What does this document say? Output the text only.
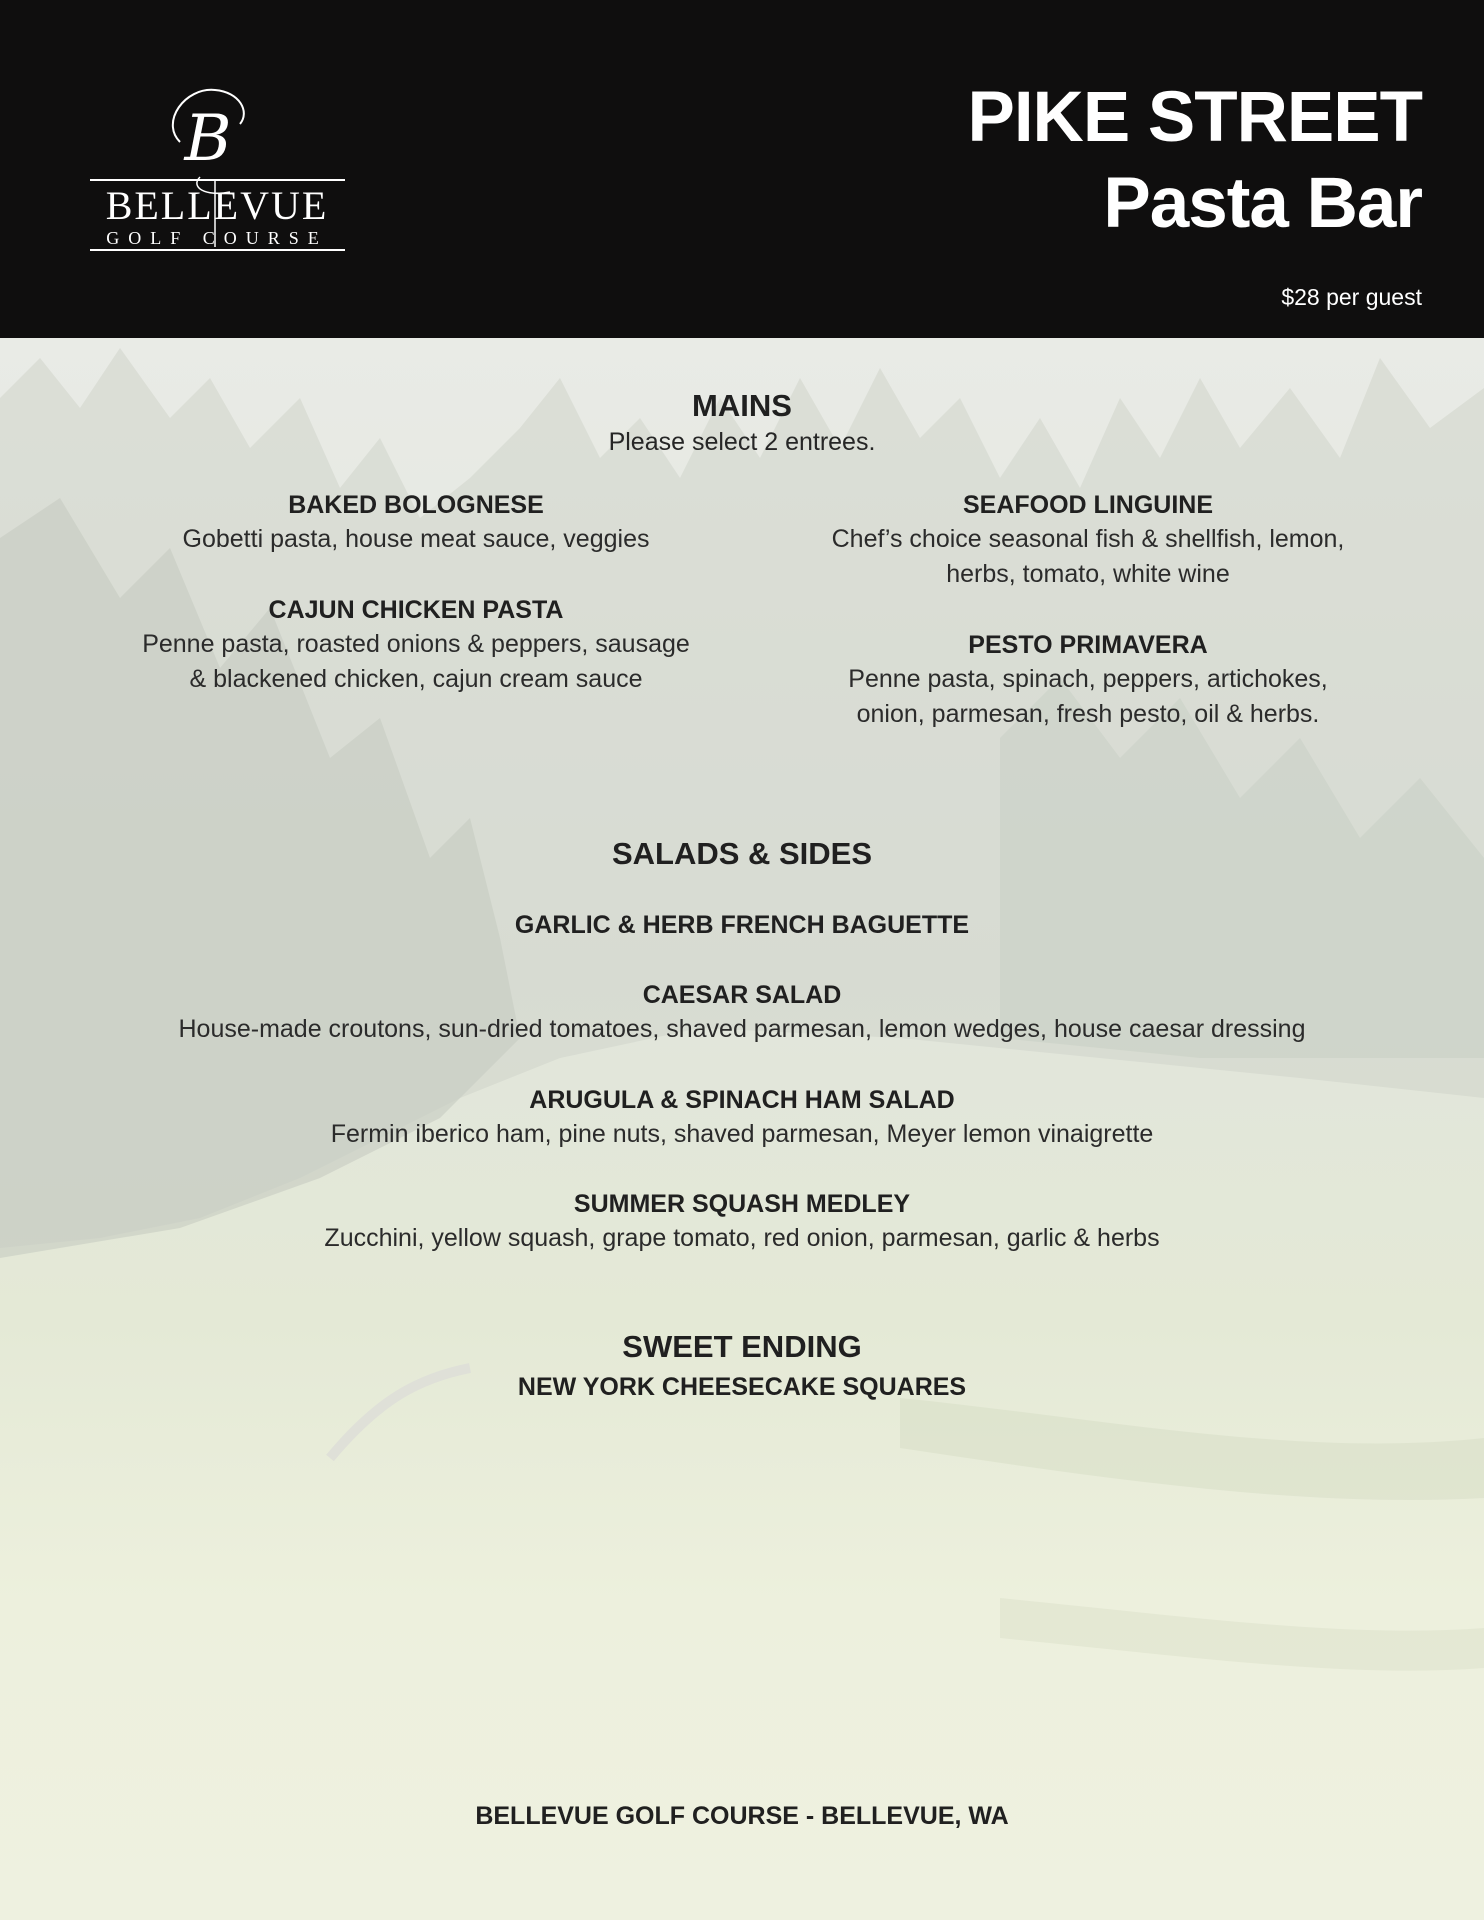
B
BELLEVUE
GOLF COURSE
PIKE STREET
Pasta Bar
$28 per guest
MAINS
Please select 2 entrees.
BAKED BOLOGNESE
Gobetti pasta, house meat sauce, veggies
CAJUN CHICKEN PASTA
Penne pasta, roasted onions & peppers, sausage & blackened chicken, cajun cream sauce
SEAFOOD LINGUINE
Chef’s choice seasonal fish & shellfish, lemon, herbs, tomato, white wine
PESTO PRIMAVERA
Penne pasta, spinach, peppers, artichokes, onion, parmesan, fresh pesto, oil & herbs.
SALADS & SIDES
GARLIC & HERB FRENCH BAGUETTE
CAESAR SALAD
House-made croutons, sun-dried tomatoes, shaved parmesan, lemon wedges, house caesar dressing
ARUGULA & SPINACH HAM SALAD
Fermin iberico ham, pine nuts, shaved parmesan, Meyer lemon vinaigrette
SUMMER SQUASH MEDLEY
Zucchini, yellow squash, grape tomato, red onion, parmesan, garlic & herbs
SWEET ENDING
NEW YORK CHEESECAKE SQUARES
BELLEVUE GOLF COURSE - BELLEVUE, WA
